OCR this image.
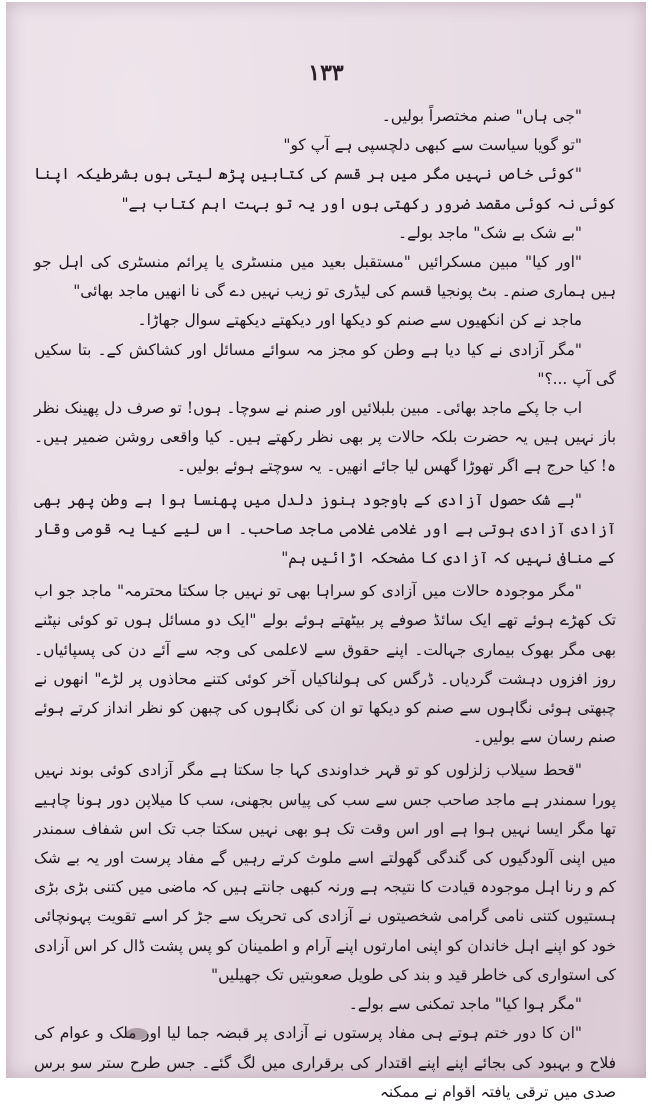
۱۳۳

"جی ہاں" صنم مختصراً بولیں۔

"تو گویا سیاست سے کبھی دلچسپی ہے آپ کو"

"کوئی خاص نہیں مگر میں ہر قسم کی کتابیں پڑھ لیتی ہوں بشرطیکہ اپنا کوئی نہ کوئی مقصد ضرور رکھتی ہوں اور یہ تو بہت اہم کتاب ہے"

"بے شک بے شک" ماجد بولے۔

"اور کیا" مبین مسکرائیں "مستقبل بعید میں منسٹری یا پرائم منسٹری کی اہل جو ہیں ہماری صنم۔ بٹ پونجیا قسم کی لیڈری تو زیب نہیں دے گی نا انھیں ماجد بھائی"

ماجد نے کن انکھیوں سے صنم کو دیکھا اور دیکھتے دیکھتے سوال جھاڑا۔

"مگر آزادی نے کیا دیا ہے وطن کو مجز مہ سوائے مسائل اور کشاکش کے۔ بتا سکیں گی آپ ...؟"

اب جا پکے ماجد بھائی۔ مبین بلبلائیں اور صنم نے سوچا۔ ہوں! تو صرف دل پھینک نظر باز نہیں ہیں یہ حضرت بلکہ حالات پر بھی نظر رکھتے ہیں۔ کیا واقعی روشن ضمیر ہیں۔ ہ! کیا حرج ہے اگر تھوڑا گھس لیا جائے انھیں۔ یہ سوچتے ہوئے بولیں۔

"بے شک حصول آزادی کے باوجود ہنوز دلدل میں پھنسا ہوا ہے وطن پھر بھی آزادی آزادی ہوتی ہے اور غلامی غلامی ماجد صاحب۔ اس لیے کیا یہ قومی وقار کے منافی نہیں کہ آزادی کا مضحکہ اڑائیں ہم"

"مگر موجودہ حالات میں آزادی کو سراہا بھی تو نہیں جا سکتا محترمہ" ماجد جو اب تک کھڑے ہوئے تھے ایک سائڈ صوفے پر بیٹھتے ہوئے بولے "ایک دو مسائل ہوں تو کوئی نپٹنے بھی مگر بھوک بیماری جہالت۔ اپنے حقوق سے لاعلمی کی وجہ سے آئے دن کی پسپائیاں۔ روز افزوں دہشت گردیاں۔ ڈرگس کی ہولناکیاں آخر کوئی کتنے محاذوں پر لڑے" انھوں نے چبھتی ہوئی نگاہوں سے صنم کو دیکھا تو ان کی نگاہوں کی چبھن کو نظر انداز کرتے ہوئے صنم رسان سے بولیں۔

"قحط سیلاب زلزلوں کو تو قہر خداوندی کہا جا سکتا ہے مگر آزادی کوئی بوند نہیں پورا سمندر ہے ماجد صاحب جس سے سب کی پیاس بجھنی، سب کا میلاپن دور ہونا چاہیے تھا مگر ایسا نہیں ہوا ہے اور اس وقت تک ہو بھی نہیں سکتا جب تک اس شفاف سمندر میں اپنی آلودگیوں کی گندگی گھولتے اسے ملوث کرتے رہیں گے مفاد پرست اور یہ بے شک کم و رنا اہل موجودہ قیادت کا نتیجہ ہے ورنہ کبھی جانتے ہیں کہ ماضی میں کتنی بڑی بڑی ہستیوں کتنی نامی گرامی شخصیتوں نے آزادی کی تحریک سے جڑ کر اسے تقویت پہونچائی خود کو اپنے اہل خاندان کو اپنی امارتوں اپنے آرام و اطمینان کو پس پشت ڈال کر اس آزادی کی استواری کی خاطر قید و بند کی طویل صعوبتیں تک جھیلیں"

"مگر ہوا کیا" ماجد تمکنی سے بولے۔

"ان کا دور ختم ہوتے ہی مفاد پرستوں نے آزادی پر قبضہ جما لیا اور ملک و عوام کی فلاح و بہبود کی بجائے اپنے اپنے اقتدار کی برقراری میں لگ گئے۔ جس طرح ستر سو برس صدی میں ترقی یافتہ اقوام نے ممکنہ
